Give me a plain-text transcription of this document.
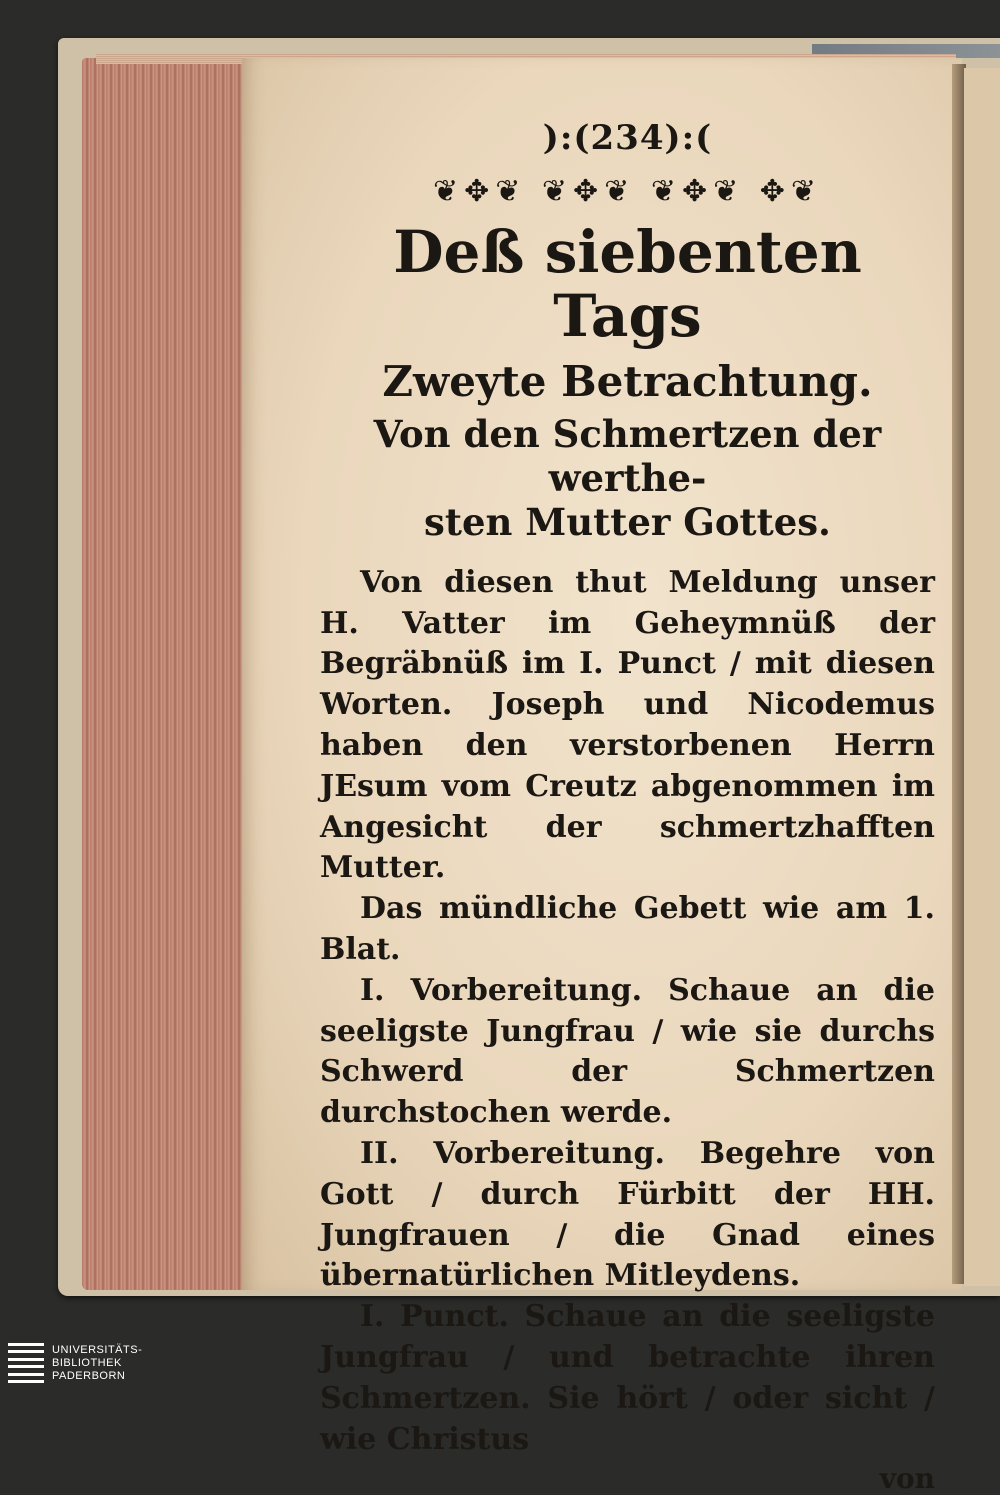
):(234):(
❦✥❦ ❦✥❦ ❦✥❦ ✥❦
Deß siebenten Tags
Zweyte Betrachtung.
Von den Schmertzen der werthe-
sten Mutter Gottes.

Von diesen thut Meldung unser H. Vatter im Geheymnüß der Begräbnüß im I. Punct / mit diesen Worten. Joseph und Nicodemus haben den verstorbenen Herrn JEsum vom Creutz abgenommen im Angesicht der schmertzhafften Mutter.

Das mündliche Gebett wie am 1. Blat.

I. Vorbereitung. Schaue an die seeligste Jungfrau / wie sie durchs Schwerd der Schmertzen durchstochen werde.

II. Vorbereitung. Begehre von Gott / durch Fürbitt der HH. Jungfrauen / die Gnad eines übernatürlichen Mitleydens.

I. Punct. Schaue an die seeligste Jungfrau / und betrachte ihren Schmertzen. Sie hört / oder sicht / wie Christus

von
UNIVERSITÄTS-
BIBLIOTHEK
PADERBORN
